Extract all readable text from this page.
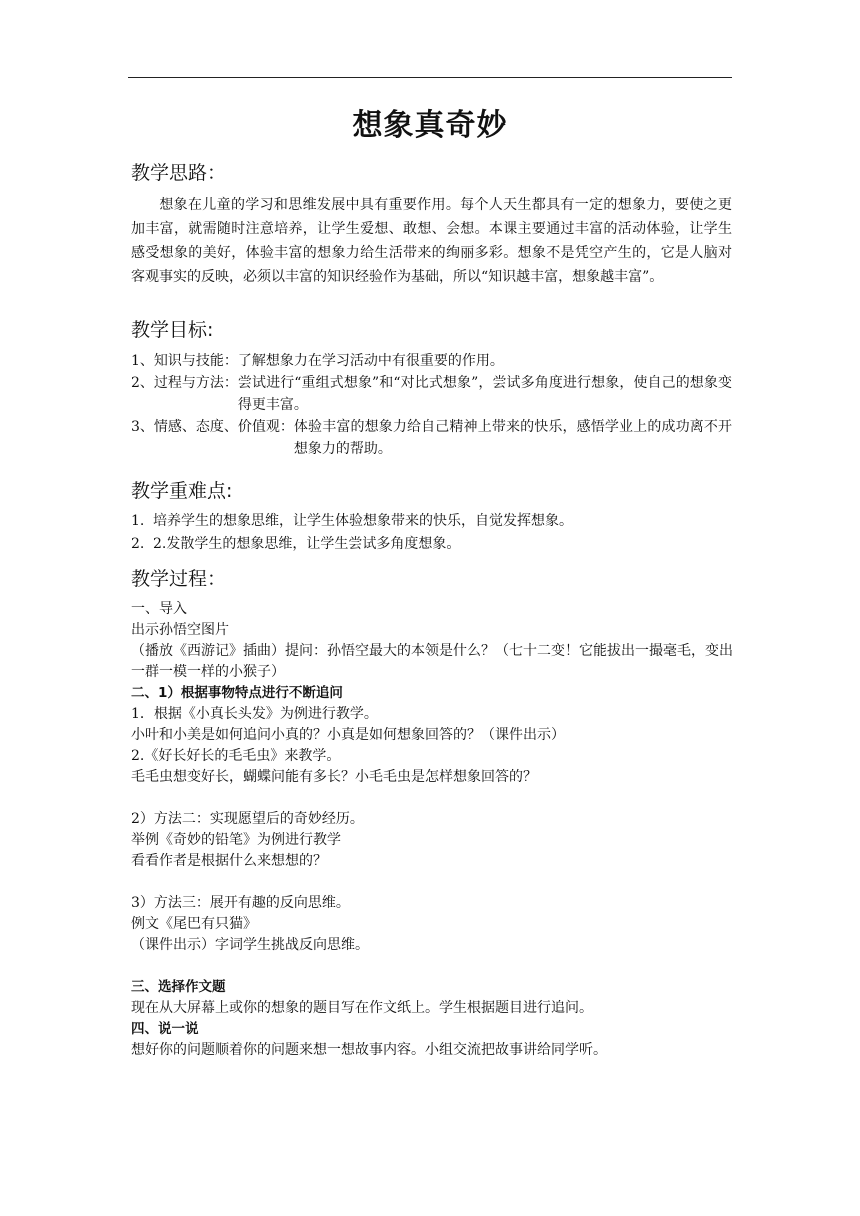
想象真奇妙
教学思路：
想象在儿童的学习和思维发展中具有重要作用。每个人天生都具有一定的想象力，要使之更加丰富，就需随时注意培养，让学生爱想、敢想、会想。本课主要通过丰富的活动体验，让学生感受想象的美好，体验丰富的想象力给生活带来的绚丽多彩。想象不是凭空产生的，它是人脑对客观事实的反映，必须以丰富的知识经验作为基础，所以“知识越丰富，想象越丰富”。
教学目标:
1、知识与技能： 了解想象力在学习活动中有很重要的作用。
2、过程与方法： 尝试进行“重组式想象”和“对比式想象”，尝试多角度进行想象，使自己的想象变得更丰富。
3、情感、态度、价值观： 体验丰富的想象力给自己精神上带来的快乐，感悟学业上的成功离不开想象力的帮助。
教学重难点:
1. 培养学生的想象思维，让学生体验想象带来的快乐，自觉发挥想象。
2. 2.发散学生的想象思维，让学生尝试多角度想象。
教学过程：
一、导入
出示孙悟空图片
（播放《西游记》插曲）提问：孙悟空最大的本领是什么？（七十二变！它能拔出一撮毫毛，变出一群一模一样的小猴子）
二、1）根据事物特点进行不断追问
1．根据《小真长头发》为例进行教学。
小叶和小美是如何追问小真的？小真是如何想象回答的？（课件出示）
2.《好长好长的毛毛虫》来教学。
毛毛虫想变好长，蝴蝶问能有多长？小毛毛虫是怎样想象回答的？
2）方法二：实现愿望后的奇妙经历。
举例《奇妙的铅笔》为例进行教学
看看作者是根据什么来想想的？
3）方法三：展开有趣的反向思维。
例文《尾巴有只猫》
（课件出示）字词学生挑战反向思维。
三、选择作文题
现在从大屏幕上或你的想象的题目写在作文纸上。学生根据题目进行追问。
四、说一说
想好你的问题顺着你的问题来想一想故事内容。小组交流把故事讲给同学听。
